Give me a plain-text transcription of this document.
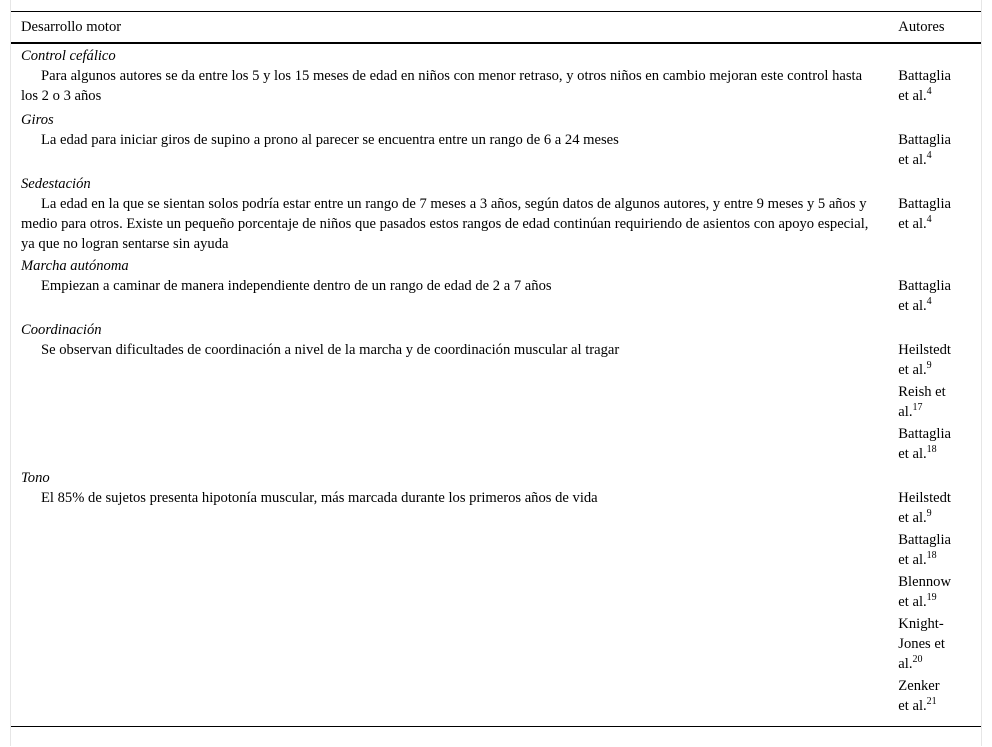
Desarrollo motor	Autores
Control cefálico	
Para algunos autores se da entre los 5 y los 15 meses de edad en niños con menor retraso, y otros niños en cambio mejoran este control hasta los 2 o 3 años	Battaglia et al.$^4$

Giros	
La edad para iniciar giros de supino a prono al parecer se encuentra entre un rango de 6 a 24 meses	Battaglia et al.$^4$

Sedestación	
La edad en la que se sientan solos podría estar entre un rango de 7 meses a 3 años, según datos de algunos autores, y entre 9 meses y 5 años y medio para otros. Existe un pequeño porcentaje de niños que pasados estos rangos de edad continúan requiriendo de asientos con apoyo especial, ya que no logran sentarse sin ayuda	Battaglia et al.$^4$

Marcha autónoma	
Empiezan a caminar de manera independiente dentro de un rango de edad de 2 a 7 años	Battaglia et al.$^4$

Coordinación	
Se observan dificultades de coordinación a nivel de la marcha y de coordinación muscular al tragar	Heilstedt et al.$^9$
Reish et al.$^{17}$
Battaglia et al.$^{18}$

Tono	
El 85% de sujetos presenta hipotonía muscular, más marcada durante los primeros años de vida	Heilstedt et al.$^9$
Battaglia et al.$^{18}$
Blennow et al.$^{19}$
Knight-Jones et al.$^{20}$
Zenker et al.$^{21}$
